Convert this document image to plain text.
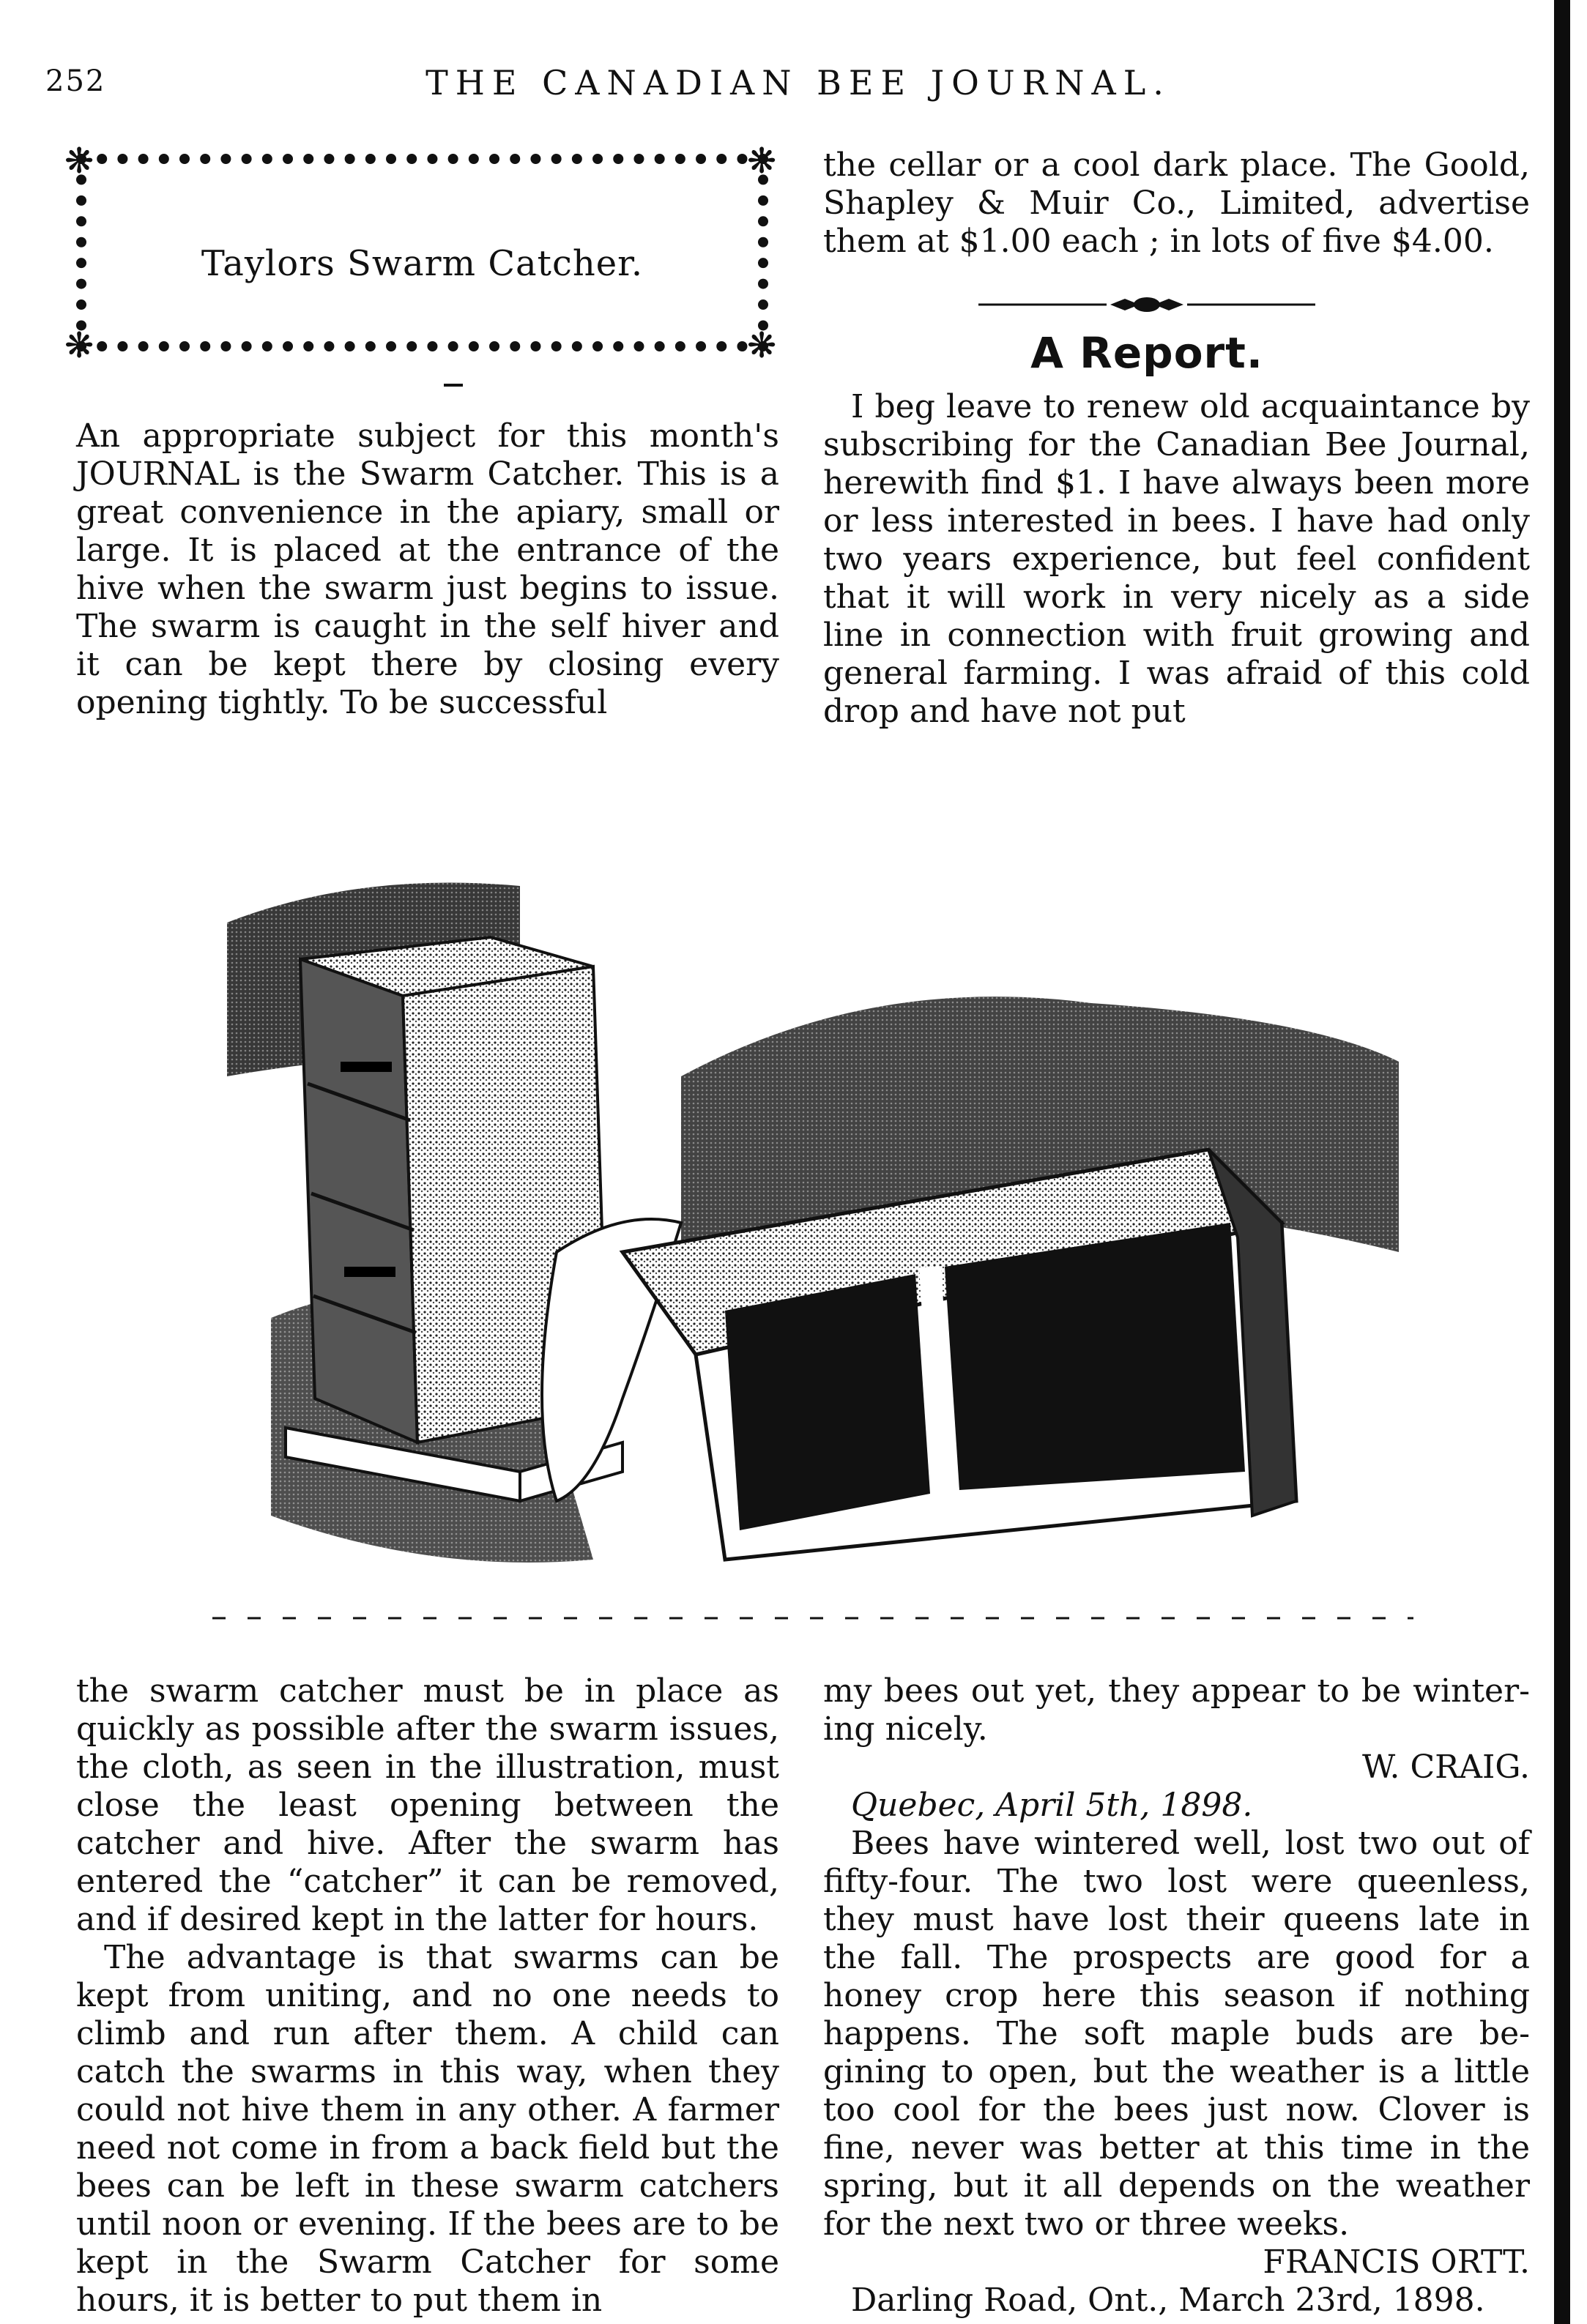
252	THE CANADIAN BEE JOURNAL.
Taylors Swarm Catcher.
❋	❋
❋	❋

An appropriate subject for this month's JOURNAL is the Swarm Catcher. This is a great convenience in the apiary, small or large. It is placed at the entrance of the hive when the swarm just begins to issue. The swarm is caught in the self hiver and it can be kept there by closing every opening tightly. To be successful

the cellar or a cool dark place. The Goold, Shapley & Muir Co., Limited, advertise them at $1.00 each ; in lots of five $4.00.

A Report.

I beg leave to renew old acquaintance by subscribing for the Canadian Bee Journal, herewith find $1. I have always been more or less interested in bees. I have had only two years experience, but feel confident that it will work in very nicely as a side line in connection with fruit growing and general farming. I was afraid of this cold drop and have not put

the swarm catcher must be in place as quickly as possible after the swarm issues, the cloth, as seen in the illustration, must close the least opening between the catcher and hive. After the swarm has entered the “catcher” it can be removed, and if desired kept in the latter for hours.

The advantage is that swarms can be kept from uniting, and no one needs to climb and run after them. A child can catch the swarms in this way, when they could not hive them in any other. A farmer need not come in from a back field but the bees can be left in these swarm catchers until noon or evening. If the bees are to be kept in the Swarm Catcher for some hours, it is better to put them in

my bees out yet, they appear to be winter- ing nicely.

W. CRAIG.

Quebec, April 5th, 1898.

Bees have wintered well, lost two out of fifty-four. The two lost were queenless, they must have lost their queens late in the fall. The prospects are good for a honey crop here this season if nothing happens. The soft maple buds are be- gining to open, but the weather is a little too cool for the bees just now. Clover is fine, never was better at this time in the spring, but it all depends on the weather for the next two or three weeks.

FRANCIS ORTT.

Darling Road, Ont., March 23rd, 1898.
